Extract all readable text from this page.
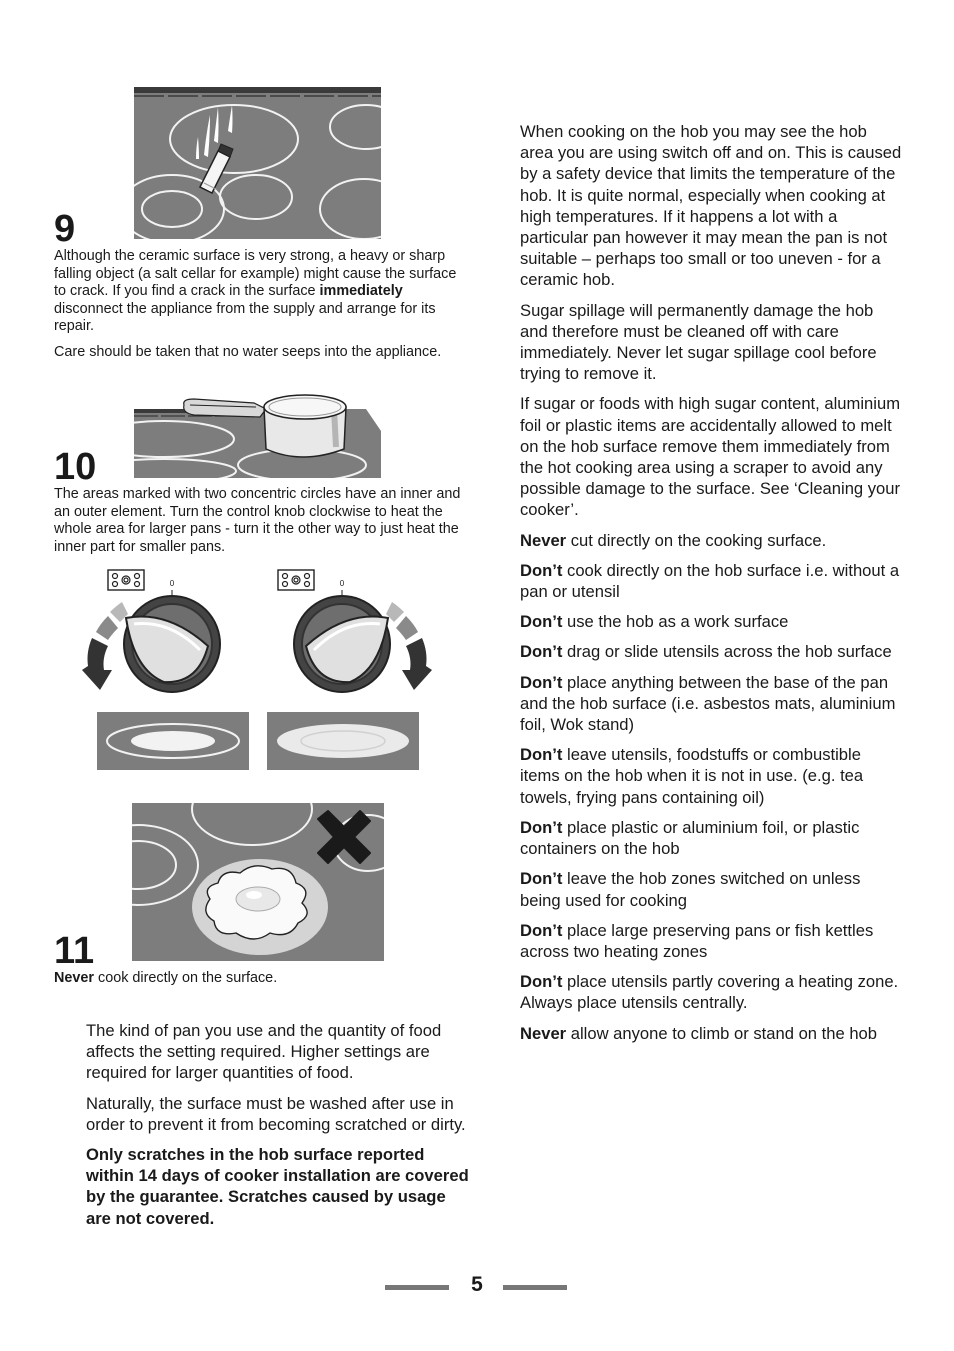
9

Although the ceramic surface is very strong, a heavy or sharp falling object (a salt cellar for example) might cause the surface to crack. If you find a crack in the surface immediately disconnect the appliance from the supply and arrange for its repair.

Care should be taken that no water seeps into the appliance.

10
The areas marked with two concentric circles have an inner and an outer element. Turn the control knob clockwise to heat the whole area for larger pans - turn it the other way to just heat the inner part for smaller pans.
0	0
11
Never cook directly on the surface.

The kind of pan you use and the quantity of food affects the setting required. Higher settings are required for larger quantities of food.

Naturally, the surface must be washed after use in order to prevent it from becoming scratched or dirty.

Only scratches in the hob surface reported within 14 days of cooker installation are covered by the guarantee. Scratches caused by usage are not covered.

When cooking on the hob you may see the hob area you are using switch off and on. This is caused by a safety device that limits the temperature of the hob. It is quite normal, especially when cooking at high temperatures. If it happens a lot with a particular pan however it may mean the pan is not suitable – perhaps too small or too uneven - for a ceramic hob.

Sugar spillage will permanently damage the hob and therefore must be cleaned off with care immediately. Never let sugar spillage cool before trying to remove it.

If sugar or foods with high sugar content, aluminium foil or plastic items are accidentally allowed to melt on the hob surface remove them immediately from the hot cooking area using a scraper to avoid any possible damage to the surface. See ‘Cleaning your cooker’.

Never cut directly on the cooking surface.
Don’t cook directly on the hob surface i.e. without a pan or utensil
Don’t use the hob as a work surface
Don’t drag or slide utensils across the hob surface
Don’t place anything between the base of the pan and the hob surface (i.e. asbestos mats, aluminium foil, Wok stand)
Don’t leave utensils, foodstuffs or combustible items on the hob when it is not in use. (e.g. tea towels, frying pans containing oil)
Don’t place plastic or aluminium foil, or plastic containers on the hob
Don’t leave the hob zones switched on unless being used for cooking
Don’t place large preserving pans or fish kettles across two heating zones
Don’t place utensils partly covering a heating zone. Always place utensils centrally.
Never allow anyone to climb or stand on the hob
5
